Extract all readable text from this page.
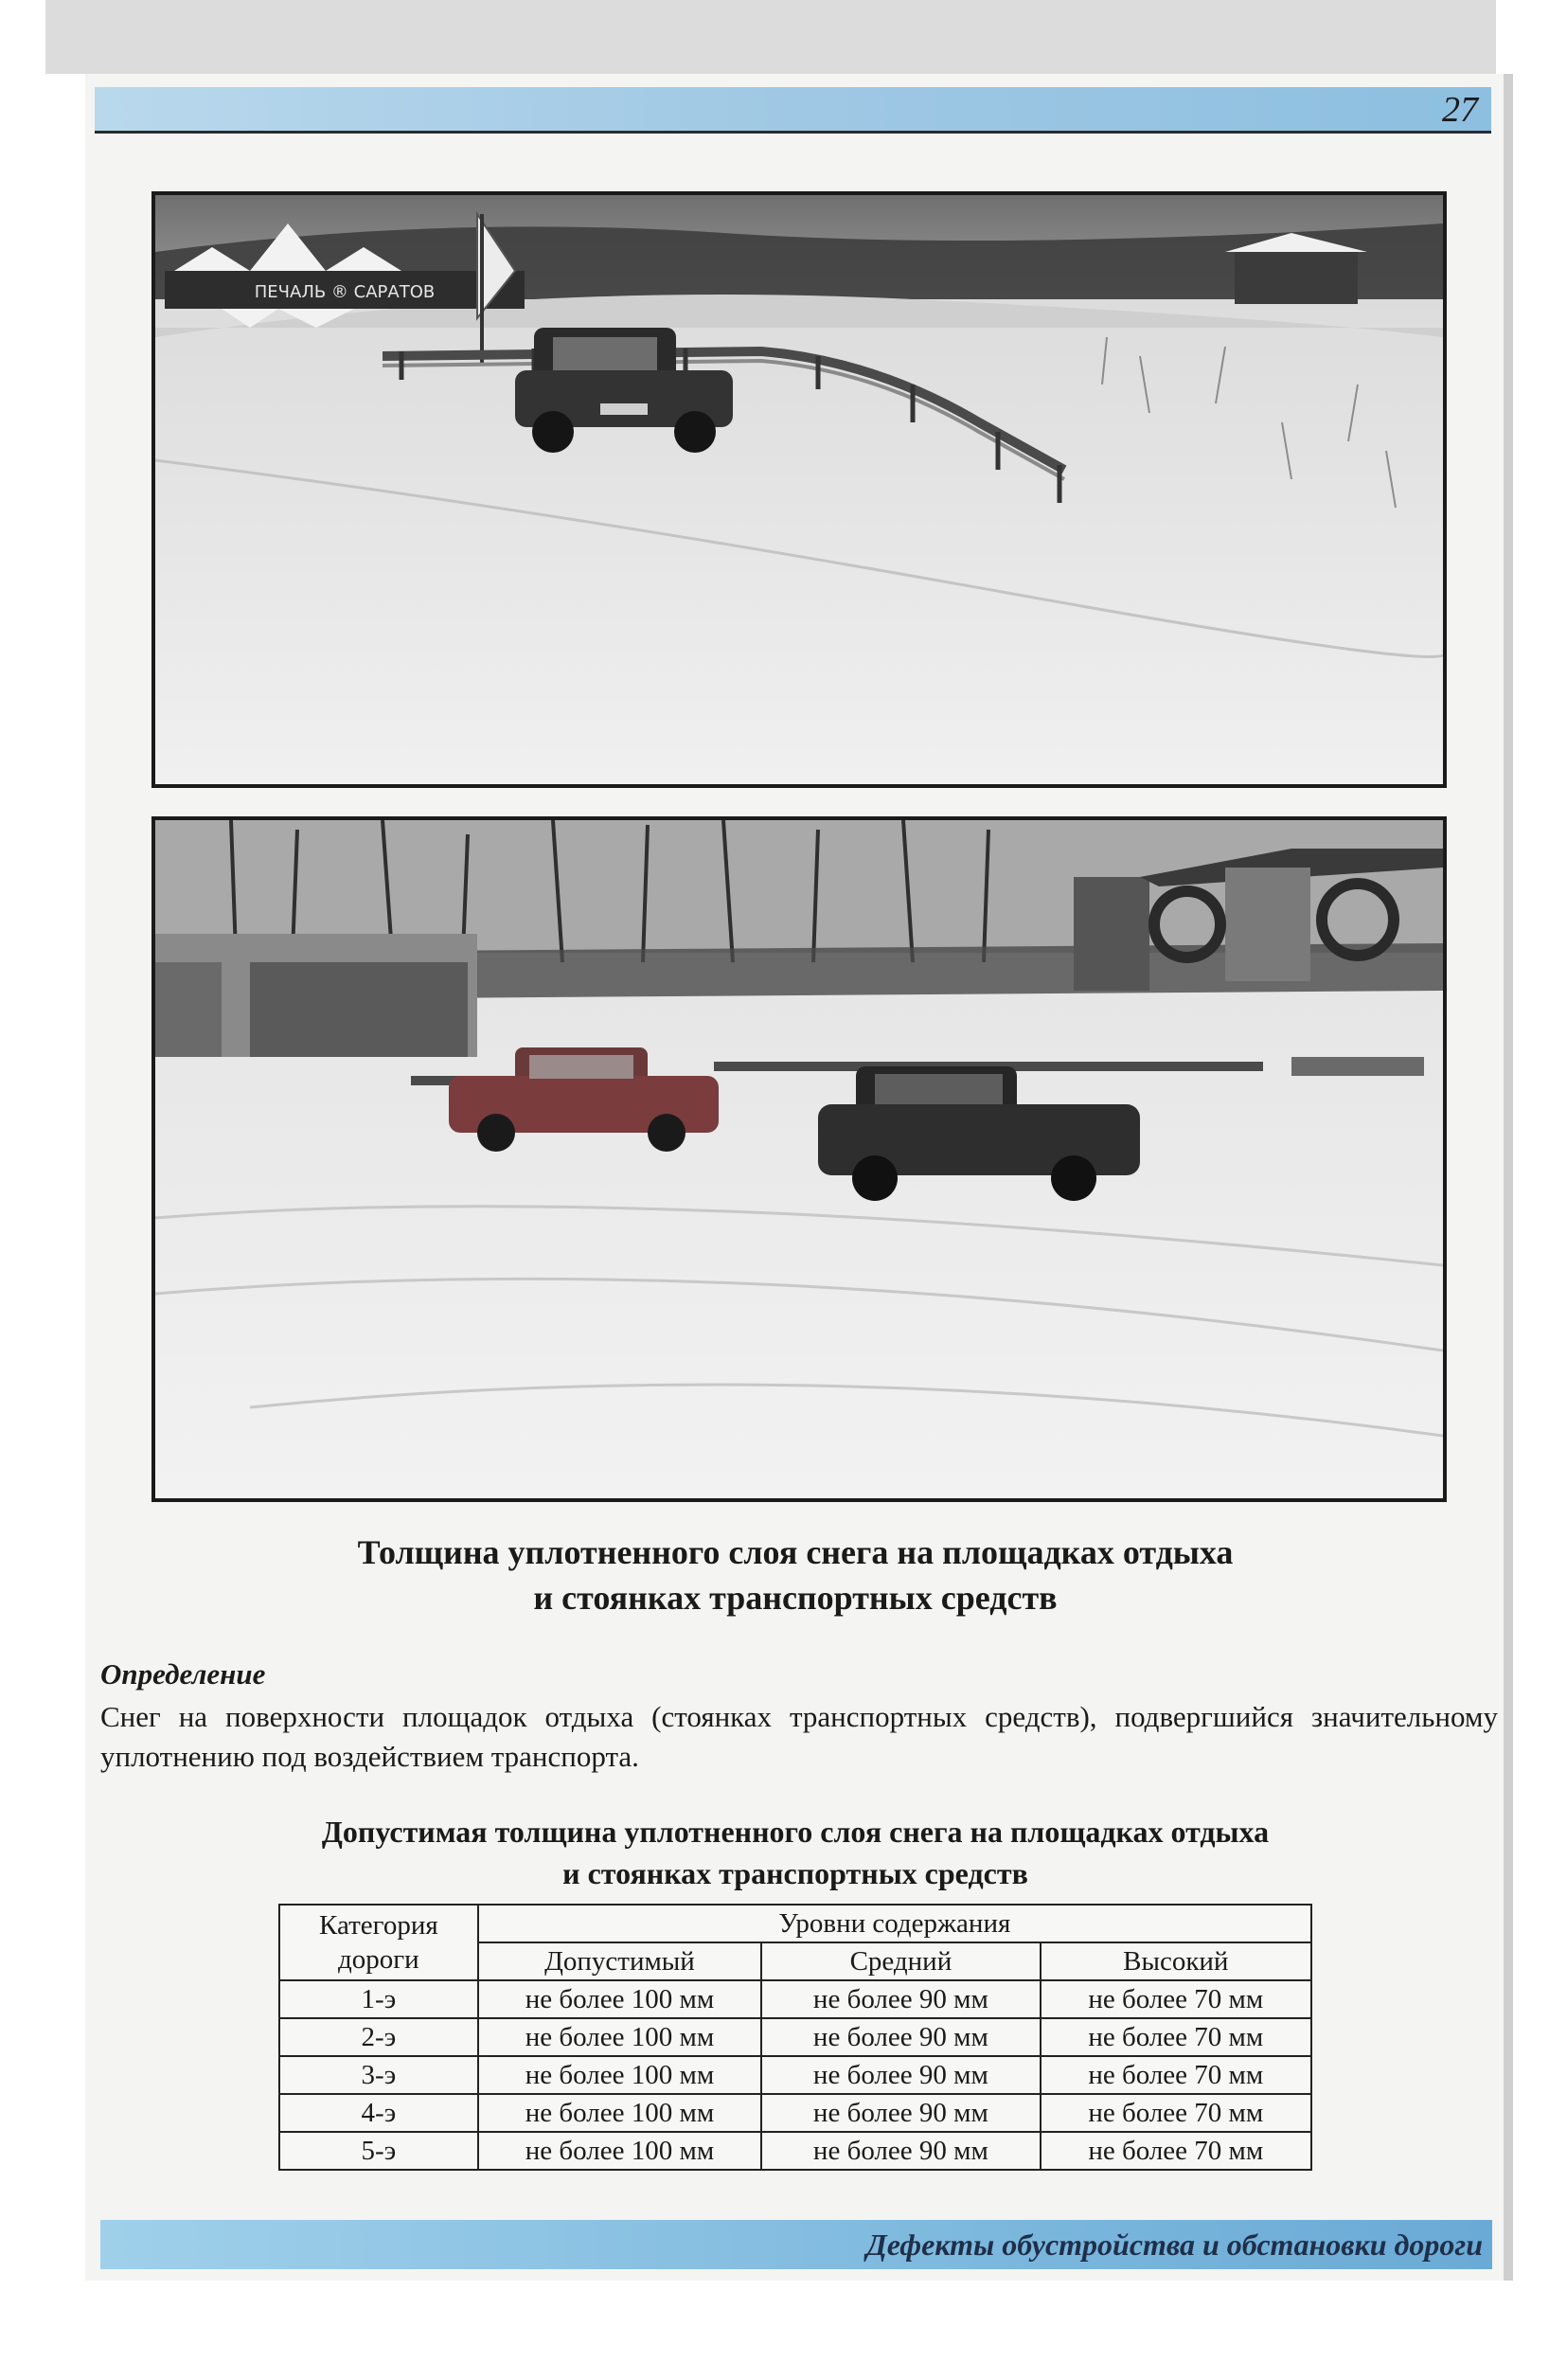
27
ПЕЧАЛЬ ® САРАТОВ
Толщина уплотненного слоя снега на площадках отдыха
и стоянках транспортных средств
Определение
Снег на поверхности площадок отдыха (стоянках транспортных средств), подвергшийся значительному уплотнению под воздействием транспорта.
Допустимая толщина уплотненного слоя снега на площадках отдыха
и стоянках транспортных средств
Категория
дороги	Уровни содержания		
	Допустимый	Средний	Высокий
1-э	не более 100 мм	не более 90 мм	не более 70 мм
2-э	не более 100 мм	не более 90 мм	не более 70 мм
3-э	не более 100 мм	не более 90 мм	не более 70 мм
4-э	не более 100 мм	не более 90 мм	не более 70 мм
5-э	не более 100 мм	не более 90 мм	не более 70 мм
Дефекты обустройства и обстановки дороги
